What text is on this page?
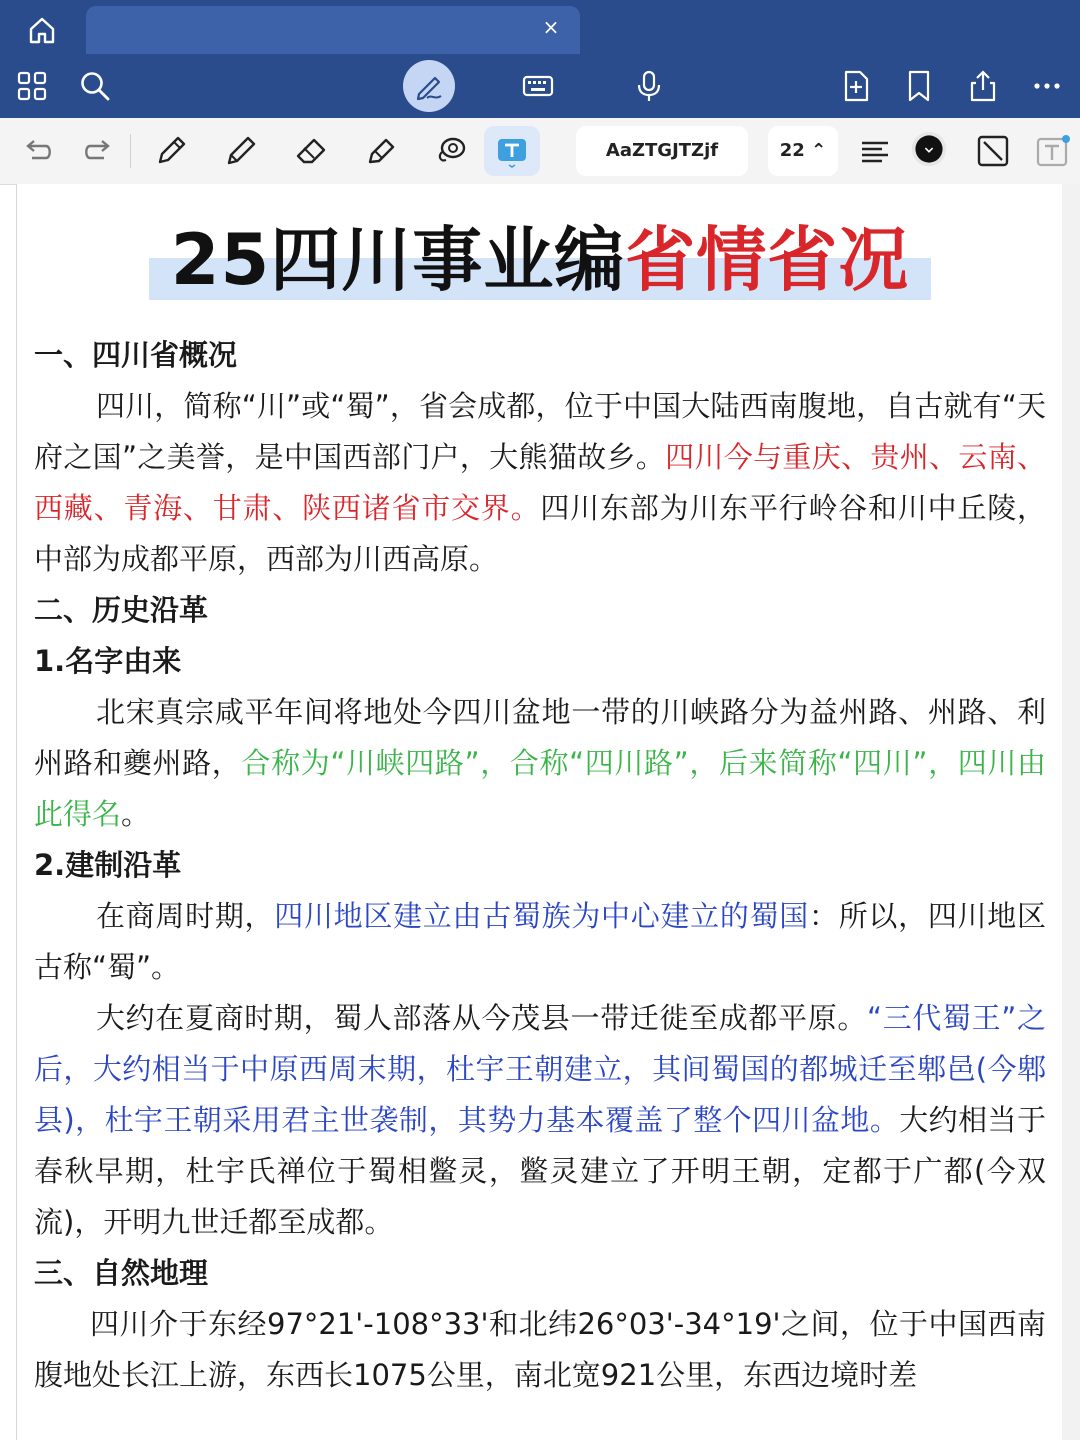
×
AaZTGJTZjf	22 ⌃
25四川事业编省情省况
一、四川省概况
四川，简称“川”或“蜀”，省会成都，位于中国大陆西南腹地，自古就有“天府之国”之美誉，是中国西部门户，大熊猫故乡。四川今与重庆、贵州、云南、西藏、青海、甘肃、陕西诸省市交界。四川东部为川东平行岭谷和川中丘陵，中部为成都平原，西部为川西高原。
二、历史沿革
1.名字由来
北宋真宗咸平年间将地处今四川盆地一带的川峡路分为益州路、州路、利州路和夔州路，合称为“川峡四路”，合称“四川路”，后来简称“四川”，四川由此得名。
2.建制沿革
在商周时期，四川地区建立由古蜀族为中心建立的蜀国：所以，四川地区古称“蜀”。
大约在夏商时期，蜀人部落从今茂县一带迁徙至成都平原。“三代蜀王”之后，大约相当于中原西周末期，杜宇王朝建立，其间蜀国的都城迁至郫邑(今郫县)，杜宇王朝采用君主世袭制，其势力基本覆盖了整个四川盆地。大约相当于春秋早期，杜宇氏禅位于蜀相鳖灵，鳖灵建立了开明王朝，定都于广都(今双流)，开明九世迁都至成都。
三、自然地理
四川介于东经97°21'-108°33'和北纬26°03'-34°19'之间，位于中国西南腹地处长江上游，东西长1075公里，南北宽921公里，东西边境时差
